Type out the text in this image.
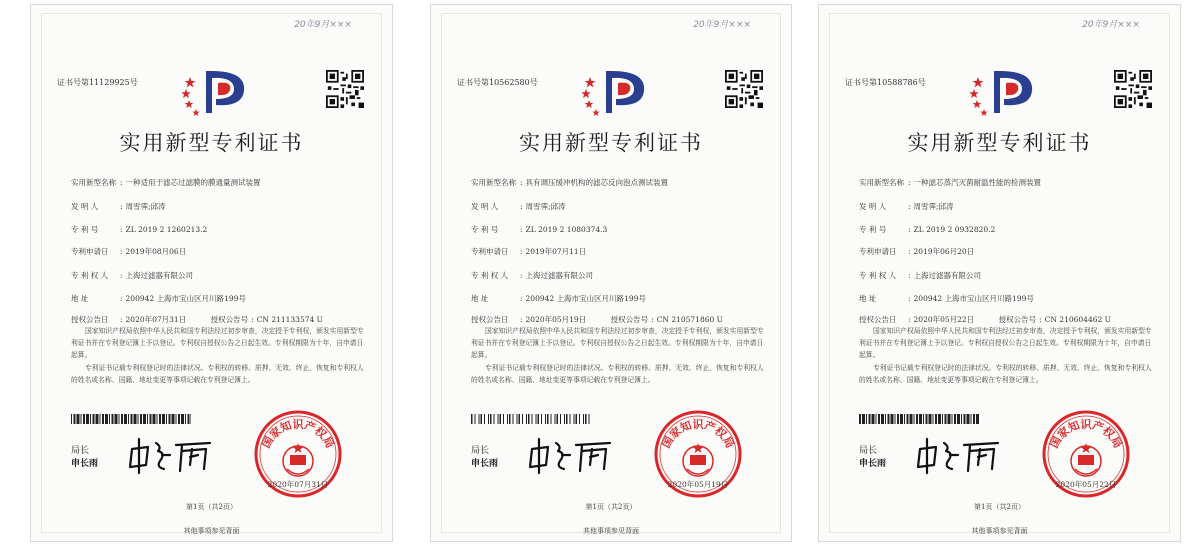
20年9月×××
证书号第11129925号
实用新型专利证书
实用新型名称 : 一种适用于滤芯过滤膜的膜通量测试装置
发 明 人	: 周雪霁;邱涛
专 利 号	: ZL 2019 2 1260213.2
专利申请日 : 2019年08月06日
专 利 权 人 : 上海过滤器有限公司
地 址	: 200942 上海市宝山区月川路199号
授权公告日 : 2020年07月31日	授权公告号 : CN 211133574 U

国家知识产权局依照中华人民共和国专利法经过初步审查，决定授予专利权，颁发实用新型专利证书并在专利登记簿上予以登记。专利权自授权公告之日起生效。专利权期限为十年，自申请日起算。

专利证书记载专利权登记时的法律状况。专利权的转移、质押、无效、终止、恢复和专利权人的姓名或名称、国籍、地址变更等事项记载在专利登记簿上。

局长
申长雨
国家知识产权局
2020年07月31日
第1页（共2页）
其他事项参见背面
20年9月×××
证书号第10562580号
实用新型专利证书
实用新型名称 : 具有调压缓冲机构的滤芯反向泡点测试装置
发 明 人	: 周雪霁;邱涛
专 利 号	: ZL 2019 2 1080374.3
专利申请日 : 2019年07月11日
专 利 权 人 : 上海过滤器有限公司
地 址	: 200942 上海市宝山区月川路199号
授权公告日 : 2020年05月19日	授权公告号 : CN 210571860 U

国家知识产权局依照中华人民共和国专利法经过初步审查，决定授予专利权，颁发实用新型专利证书并在专利登记簿上予以登记。专利权自授权公告之日起生效。专利权期限为十年，自申请日起算。

专利证书记载专利权登记时的法律状况。专利权的转移、质押、无效、终止、恢复和专利权人的姓名或名称、国籍、地址变更等事项记载在专利登记簿上。

局长
申长雨
国家知识产权局
2020年05月19日
第1页（共2页）
其他事项参见背面
20年9月×××
证书号第10588786号
实用新型专利证书
实用新型名称 : 一种滤芯蒸汽灭菌耐温性能的检测装置
发 明 人	: 周雪霁;邱涛
专 利 号	: ZL 2019 2 0932820.2
专利申请日 : 2019年06月20日
专 利 权 人 : 上海过滤器有限公司
地 址	: 200942 上海市宝山区月川路199号
授权公告日 : 2020年05月22日	授权公告号 : CN 210604462 U

国家知识产权局依照中华人民共和国专利法经过初步审查，决定授予专利权，颁发实用新型专利证书并在专利登记簿上予以登记。专利权自授权公告之日起生效。专利权期限为十年，自申请日起算。

专利证书记载专利权登记时的法律状况。专利权的转移、质押、无效、终止、恢复和专利权人的姓名或名称、国籍、地址变更等事项记载在专利登记簿上。

局长
申长雨
国家知识产权局
2020年05月22日
第1页（共2页）
其他事项参见背面
